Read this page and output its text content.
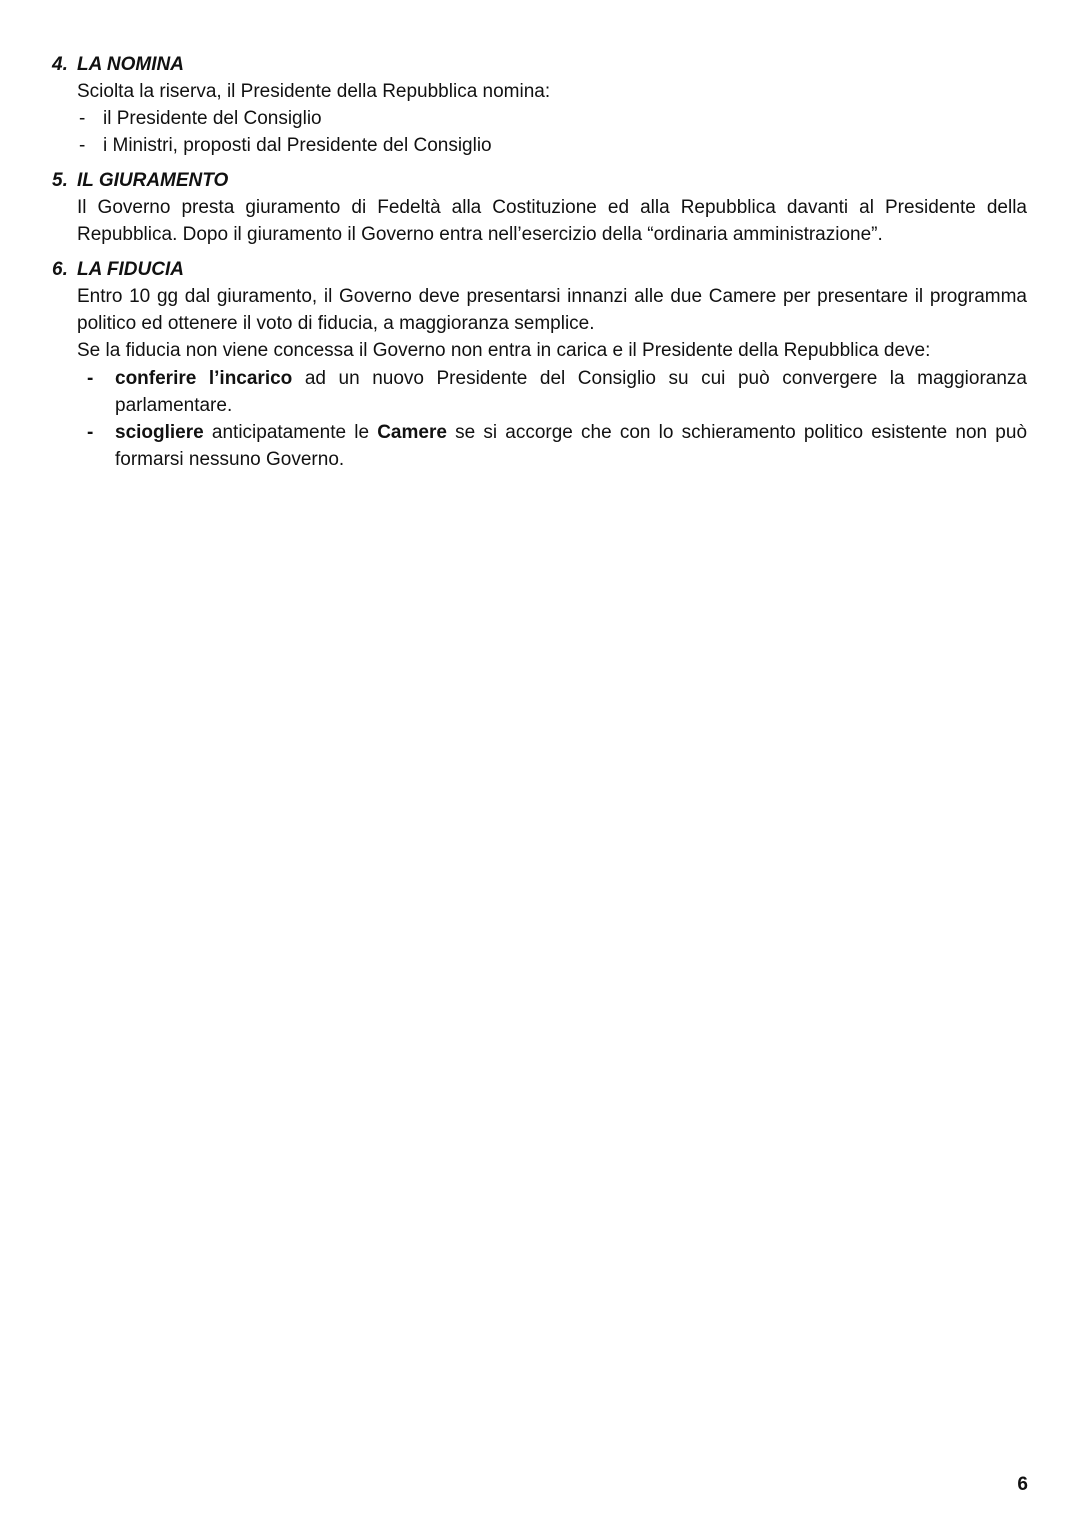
4. LA NOMINA

Sciolta la riserva, il Presidente della Repubblica nomina:

- il Presidente del Consiglio
- i Ministri, proposti dal Presidente del Consiglio
5. IL GIURAMENTO

Il Governo presta giuramento di Fedeltà alla Costituzione ed alla Repubblica davanti al Presidente della Repubblica. Dopo il giuramento il Governo entra nell’esercizio della “ordinaria amministrazione”.

6. LA FIDUCIA

Entro 10 gg dal giuramento, il Governo deve presentarsi innanzi alle due Camere per presentare il programma politico ed ottenere il voto di fiducia, a maggioranza semplice.

Se la fiducia non viene concessa il Governo non entra in carica e il Presidente della Repubblica deve:

- conferire l’incarico ad un nuovo Presidente del Consiglio su cui può convergere la maggioranza parlamentare.
- sciogliere anticipatamente le Camere se si accorge che con lo schieramento politico esistente non può formarsi nessuno Governo.
6
